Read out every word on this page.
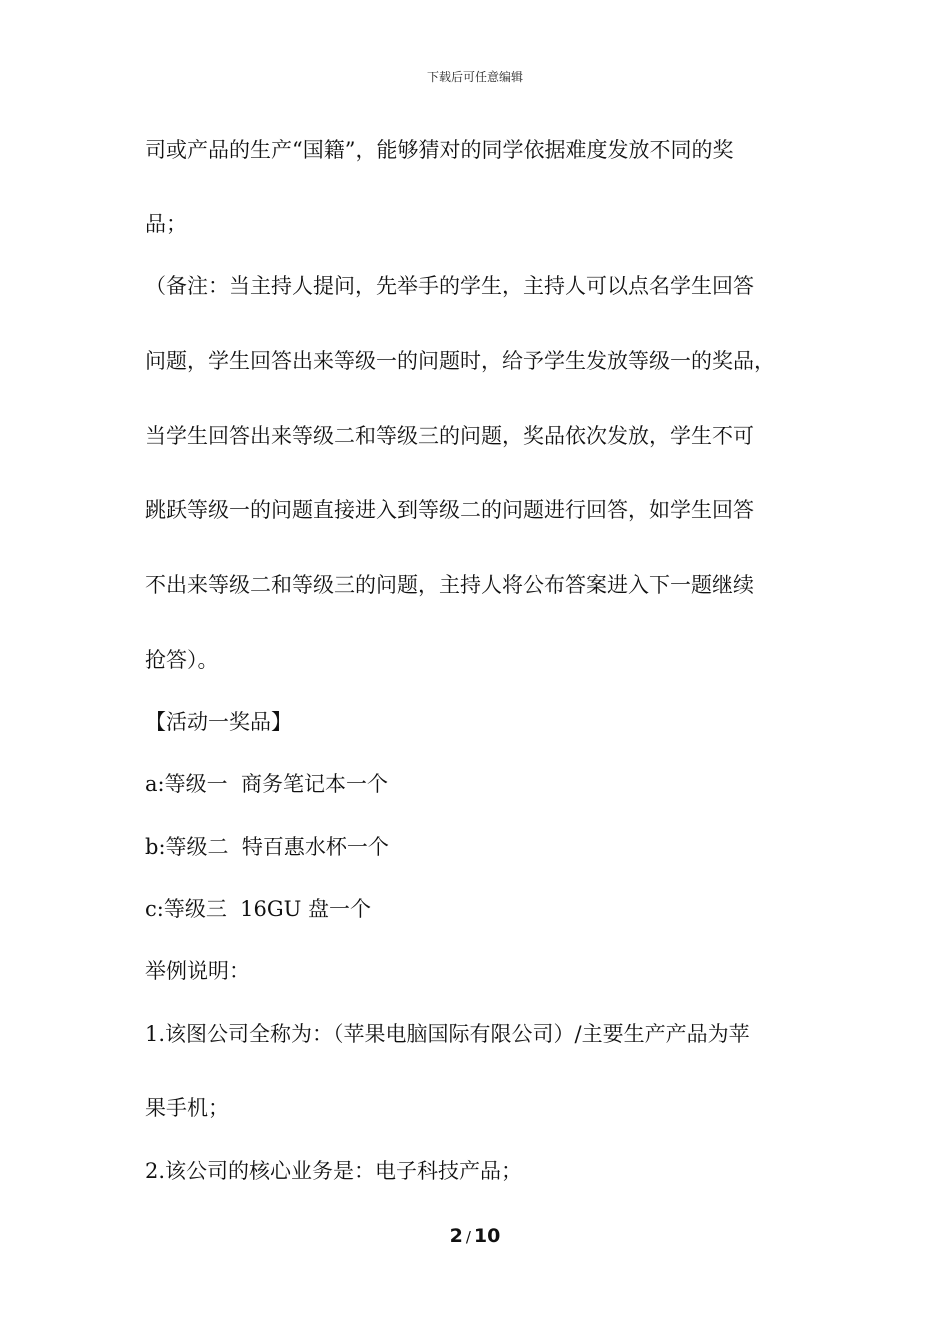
下载后可任意编辑
司或产品的生产“国籍”，能够猜对的同学依据难度发放不同的奖
品；
（备注：当主持人提问，先举手的学生，主持人可以点名学生回答
问题，学生回答出来等级一的问题时，给予学生发放等级一的奖品，
当学生回答出来等级二和等级三的问题，奖品依次发放，学生不可
跳跃等级一的问题直接进入到等级二的问题进行回答，如学生回答
不出来等级二和等级三的问题，主持人将公布答案进入下一题继续
抢答）。
【活动一奖品】
a:等级一  商务笔记本一个
b:等级二  特百惠水杯一个
c:等级三  16GU 盘一个
举例说明：
1.该图公司全称为：（苹果电脑国际有限公司）/主要生产产品为苹
果手机；
2.该公司的核心业务是：电子科技产品；
2 / 10
